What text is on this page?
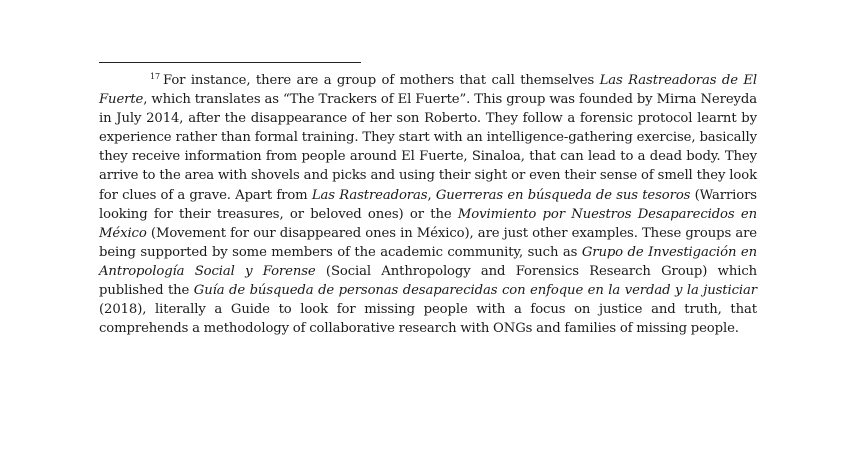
$^{17}$ For instance, there are a group of mothers that call themselves Las Rastreadoras de El Fuerte, which translates as “The Trackers of El Fuerte”. This group was founded by Mirna Nereyda in July 2014, after the disappearance of her son Roberto. They follow a forensic protocol learnt by experience rather than formal training. They start with an intelligence-gathering exercise, basically they receive information from people around El Fuerte, Sinaloa, that can lead to a dead body. They arrive to the area with shovels and picks and using their sight or even their sense of smell they look for clues of a grave. Apart from Las Rastreadoras, Guerreras en búsqueda de sus tesoros (Warriors looking for their treasures, or beloved ones) or the Movimiento por Nuestros Desaparecidos en México (Movement for our disappeared ones in México), are just other examples. These groups are being supported by some members of the academic community, such as Grupo de Investigación en Antropología Social y Forense (Social Anthropology and Forensics Research Group) which published the Guía de búsqueda de personas desaparecidas con enfoque en la verdad y la justiciar (2018), literally a Guide to look for missing people with a focus on justice and truth, that comprehends a methodology of collaborative research with ONGs and families of missing people.
